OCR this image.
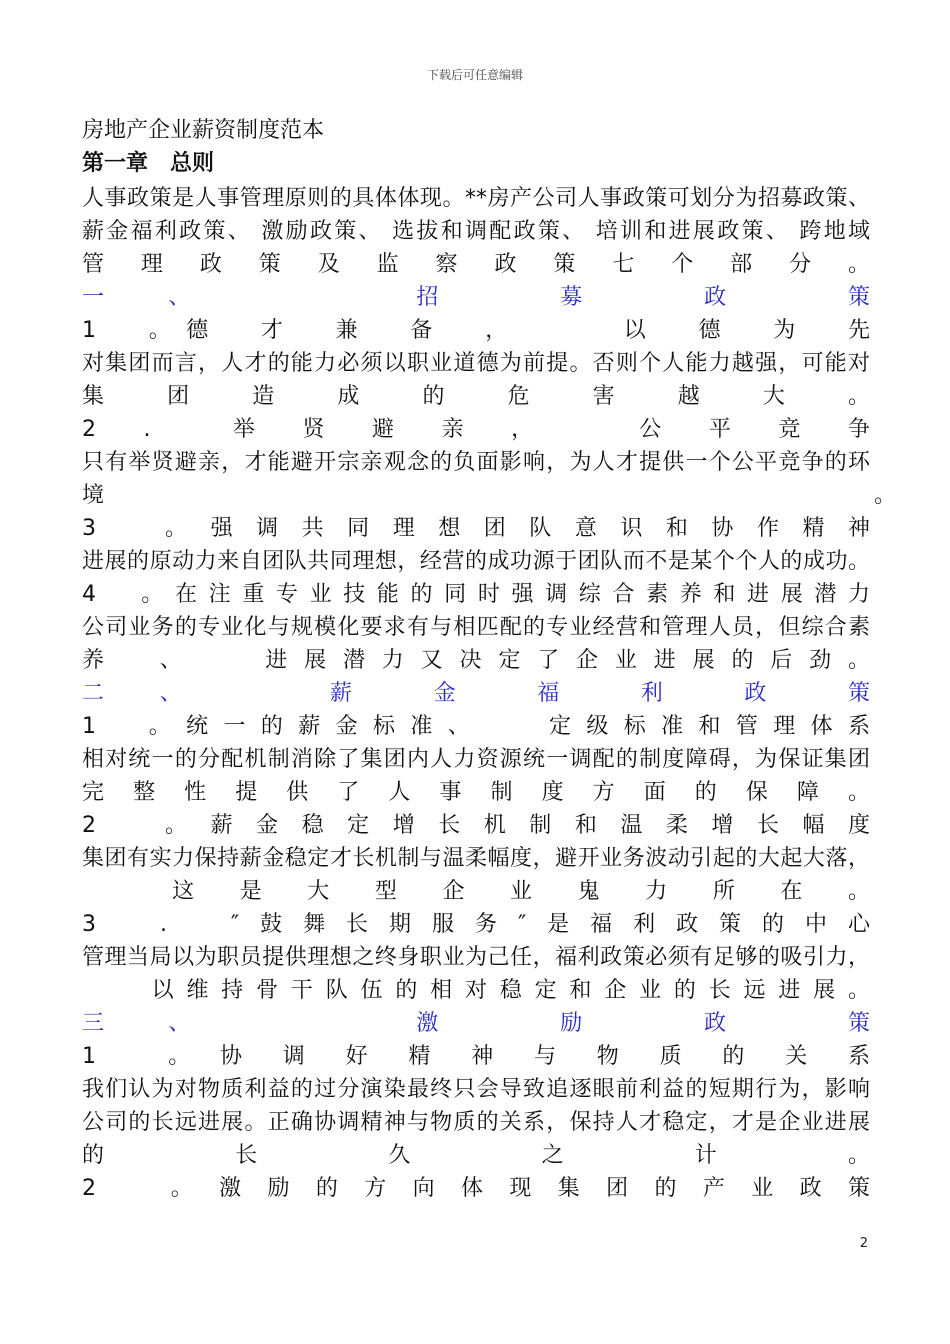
下载后可任意编辑
房地产企业薪资制度范本
第一章　总则
人事政策是人事管理原则的具体体现。**房产公司人事政策可划分为招募政策、
薪金福利政策、 激励政策、 选拔和调配政策、 培训和进展政策、 跨地域
管理政策及监察政策七个部分。
一　　、　　　　　　　　招　　　　募　　　　政　　　　策
1　。德　才　兼　备　，　　　以　德　为　先
对集团而言，人才的能力必须以职业道德为前提。否则个人能力越强，可能对
集团造成的危害越大。
2　.　　举　贤　避　亲　，　　　公　平　竞　争
只有举贤避亲，才能避开宗亲观念的负面影响，为人才提供一个公平竞争的环
境　　　　　　　　　　　　　　　　　　　　　　　　　　　　　　　　　　　。
3　。强调共同理想团队意识和协作精神
进展的原动力来自团队共同理想，经营的成功源于团队而不是某个个人的成功。
4　。在注重专业技能的同时强调综合素养和进展潜力
公司业务的专业化与规模化要求有与相匹配的专业经营和管理人员，但综合素
养　、　　进展潜力又决定了企业进展的后劲。
二　　、　　　　　　薪　　　金　　　福　　　利　　　政　　　策
1　。统一的薪金标准、　　定级标准和管理体系
相对统一的分配机制消除了集团内人力资源统一调配的制度障碍，为保证集团
完整性提供了人事制度方面的保障。
2　。薪金稳定增长机制和温柔增长幅度
集团有实力保持薪金稳定才长机制与温柔幅度，避开业务波动引起的大起大落，
　　　　这　　是　　大　　型　　企　　业　　鬼　　力　　所　　在　　。
3　.　″鼓舞长期服务″是福利政策的中心
管理当局以为职员提供理想之终身职业为己任，福利政策必须有足够的吸引力，
　　以维持骨干队伍的相对稳定和企业的长远进展。
三　　、　　　　　　　　激　　　　励　　　　政　　　　策
1　　。　协　调　好　精　神　与　物　质　的　关　系
我们认为对物质利益的过分演染最终只会导致追逐眼前利益的短期行为，影响
公司的长远进展。正确协调精神与物质的关系，保持人才稳定，才是企业进展
的　　　　长　　　　久　　　　之　　　　计　　　　。
2　。激励的方向体现集团的产业政策
2
